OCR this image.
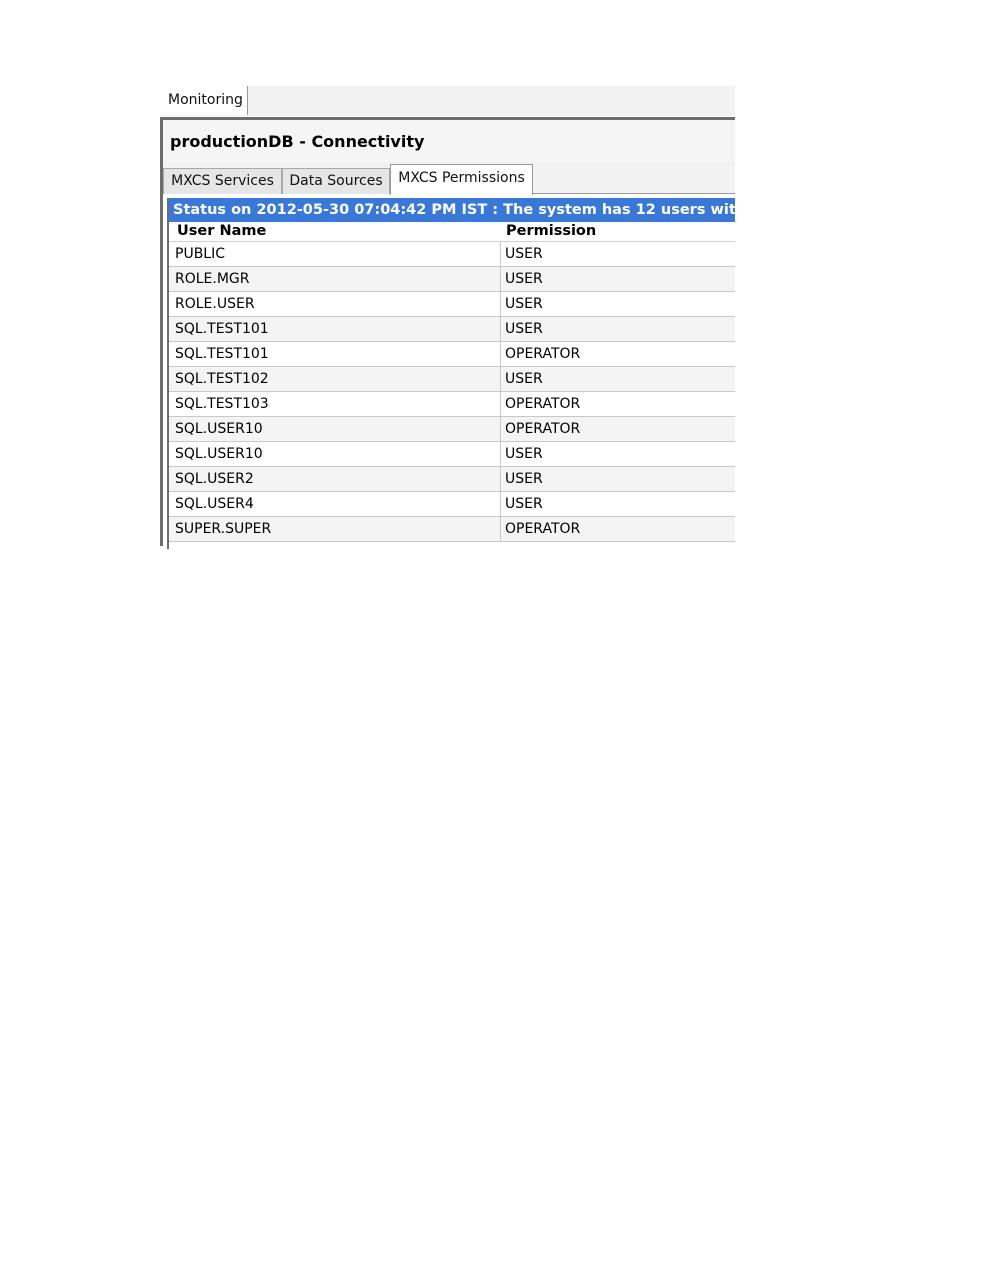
Monitoring
productionDB - Connectivity
MXCS Services	Data Sources	MXCS Permissions
Status on 2012-05-30 07:04:42 PM IST : The system has 12 users with operator or user permissions
User Name	Permission
PUBLIC	USER
ROLE.MGR	USER
ROLE.USER	USER
SQL.TEST101	USER
SQL.TEST101	OPERATOR
SQL.TEST102	USER
SQL.TEST103	OPERATOR
SQL.USER10	OPERATOR
SQL.USER10	USER
SQL.USER2	USER
SQL.USER4	USER
SUPER.SUPER	OPERATOR
